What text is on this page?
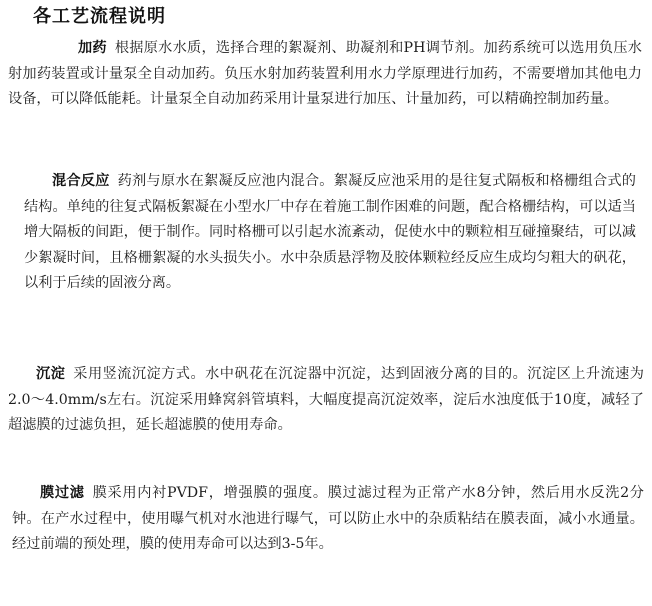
各工艺流程说明
加药 根据原水水质，选择合理的絮凝剂、助凝剂和PH调节剂。加药系统可以选用负压水射加药装置或计量泵全自动加药。负压水射加药装置利用水力学原理进行加药，不需要增加其他电力设备，可以降低能耗。计量泵全自动加药采用计量泵进行加压、计量加药，可以精确控制加药量。
混合反应 药剂与原水在絮凝反应池内混合。絮凝反应池采用的是往复式隔板和格栅组合式的结构。单纯的往复式隔板絮凝在小型水厂中存在着施工制作困难的问题，配合格栅结构，可以适当增大隔板的间距，便于制作。同时格栅可以引起水流紊动，促使水中的颗粒相互碰撞聚结，可以减少絮凝时间，且格栅絮凝的水头损失小。水中杂质悬浮物及胶体颗粒经反应生成均匀粗大的矾花，以利于后续的固液分离。
沉淀 采用竖流沉淀方式。水中矾花在沉淀器中沉淀，达到固液分离的目的。沉淀区上升流速为2.0～4.0mm/s左右。沉淀采用蜂窝斜管填料，大幅度提高沉淀效率，淀后水浊度低于10度，减轻了超滤膜的过滤负担，延长超滤膜的使用寿命。
膜过滤 膜采用内衬PVDF，增强膜的强度。膜过滤过程为正常产水8分钟，然后用水反洗2分钟。在产水过程中，使用曝气机对水池进行曝气，可以防止水中的杂质粘结在膜表面，减小水通量。经过前端的预处理，膜的使用寿命可以达到3-5年。
